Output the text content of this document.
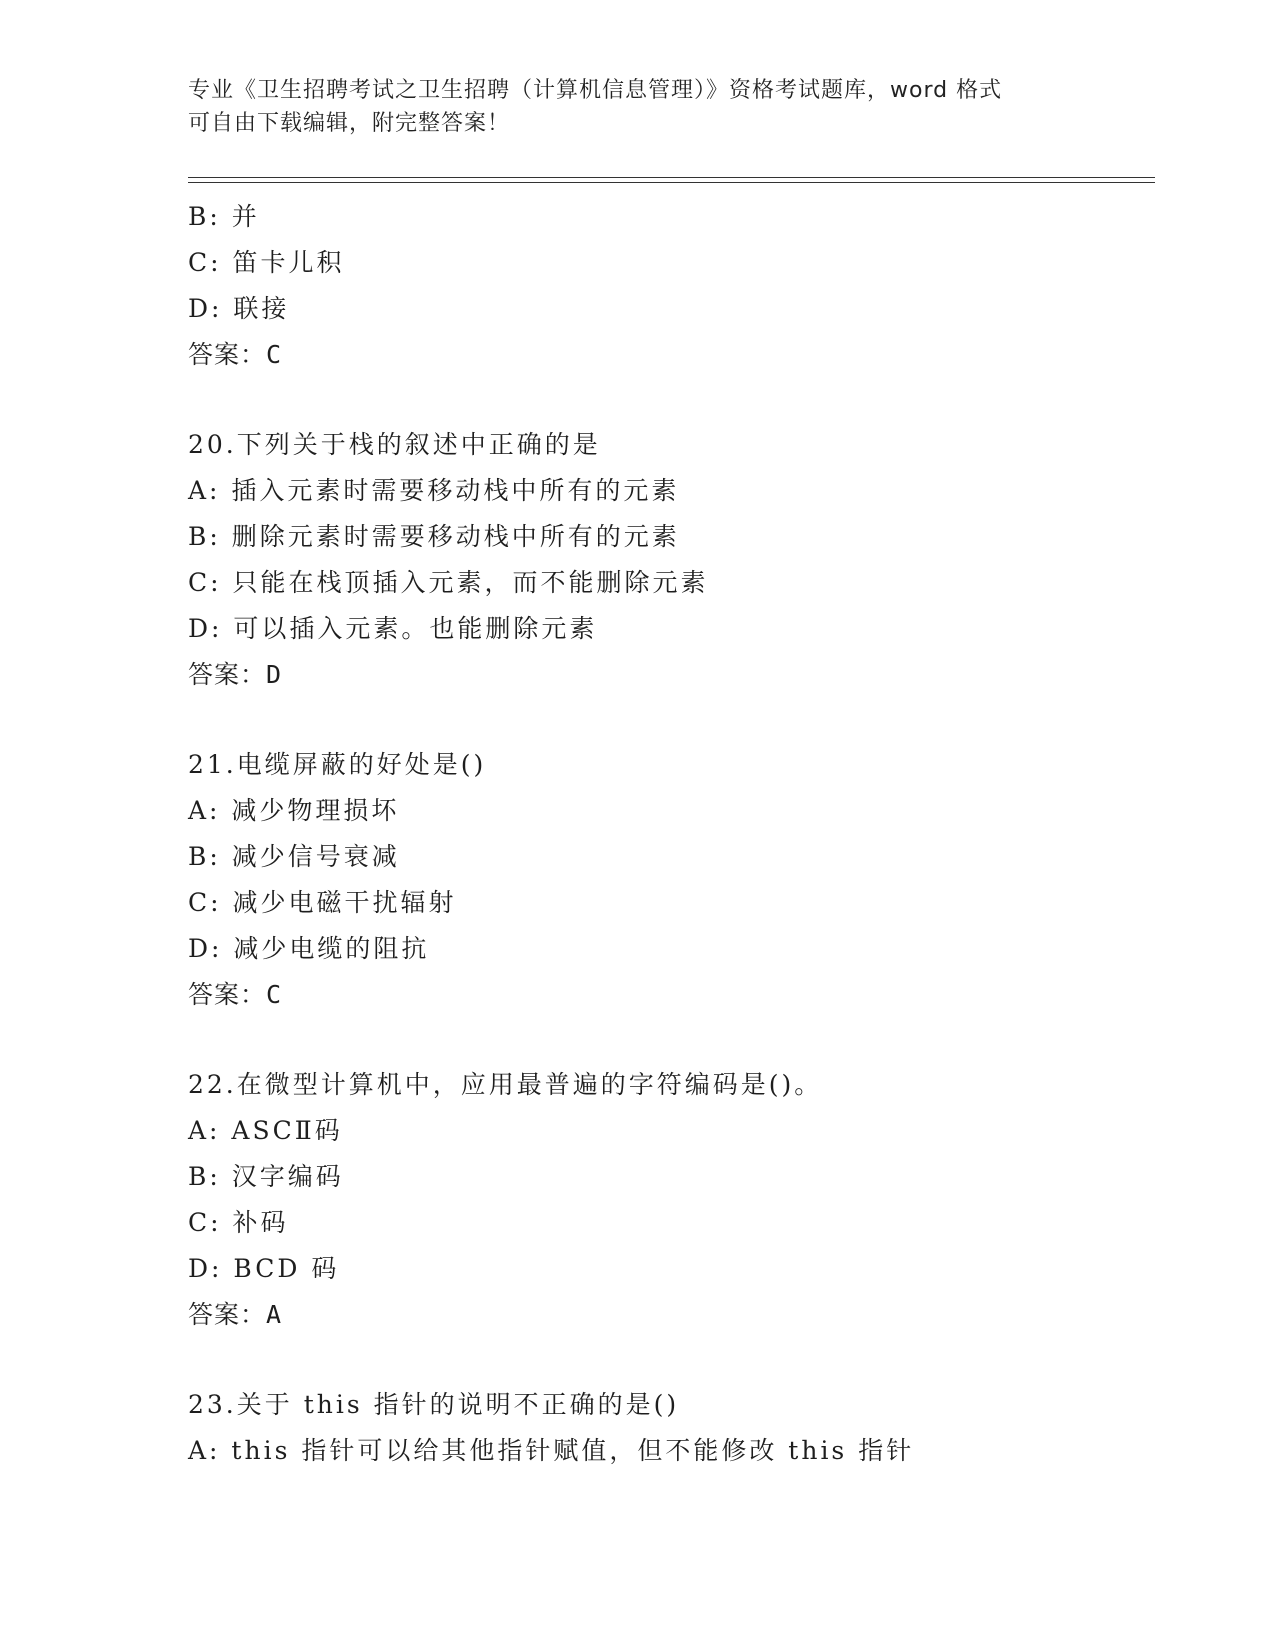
专业《卫生招聘考试之卫生招聘（计算机信息管理）》资格考试题库，word 格式
可自由下载编辑，附完整答案！
B: 并
C: 笛卡儿积
D: 联接
答案：C
20.下列关于栈的叙述中正确的是
A: 插入元素时需要移动栈中所有的元素
B: 删除元素时需要移动栈中所有的元素
C: 只能在栈顶插入元素，而不能删除元素
D: 可以插入元素。也能删除元素
答案：D
21.电缆屏蔽的好处是()
A: 减少物理损坏
B: 减少信号衰减
C: 减少电磁干扰辐射
D: 减少电缆的阻抗
答案：C
22.在微型计算机中，应用最普遍的字符编码是()。
A: ASCⅡ码
B: 汉字编码
C: 补码
D: BCD 码
答案：A
23.关于 this 指针的说明不正确的是()
A: this 指针可以给其他指针赋值，但不能修改 this 指针
